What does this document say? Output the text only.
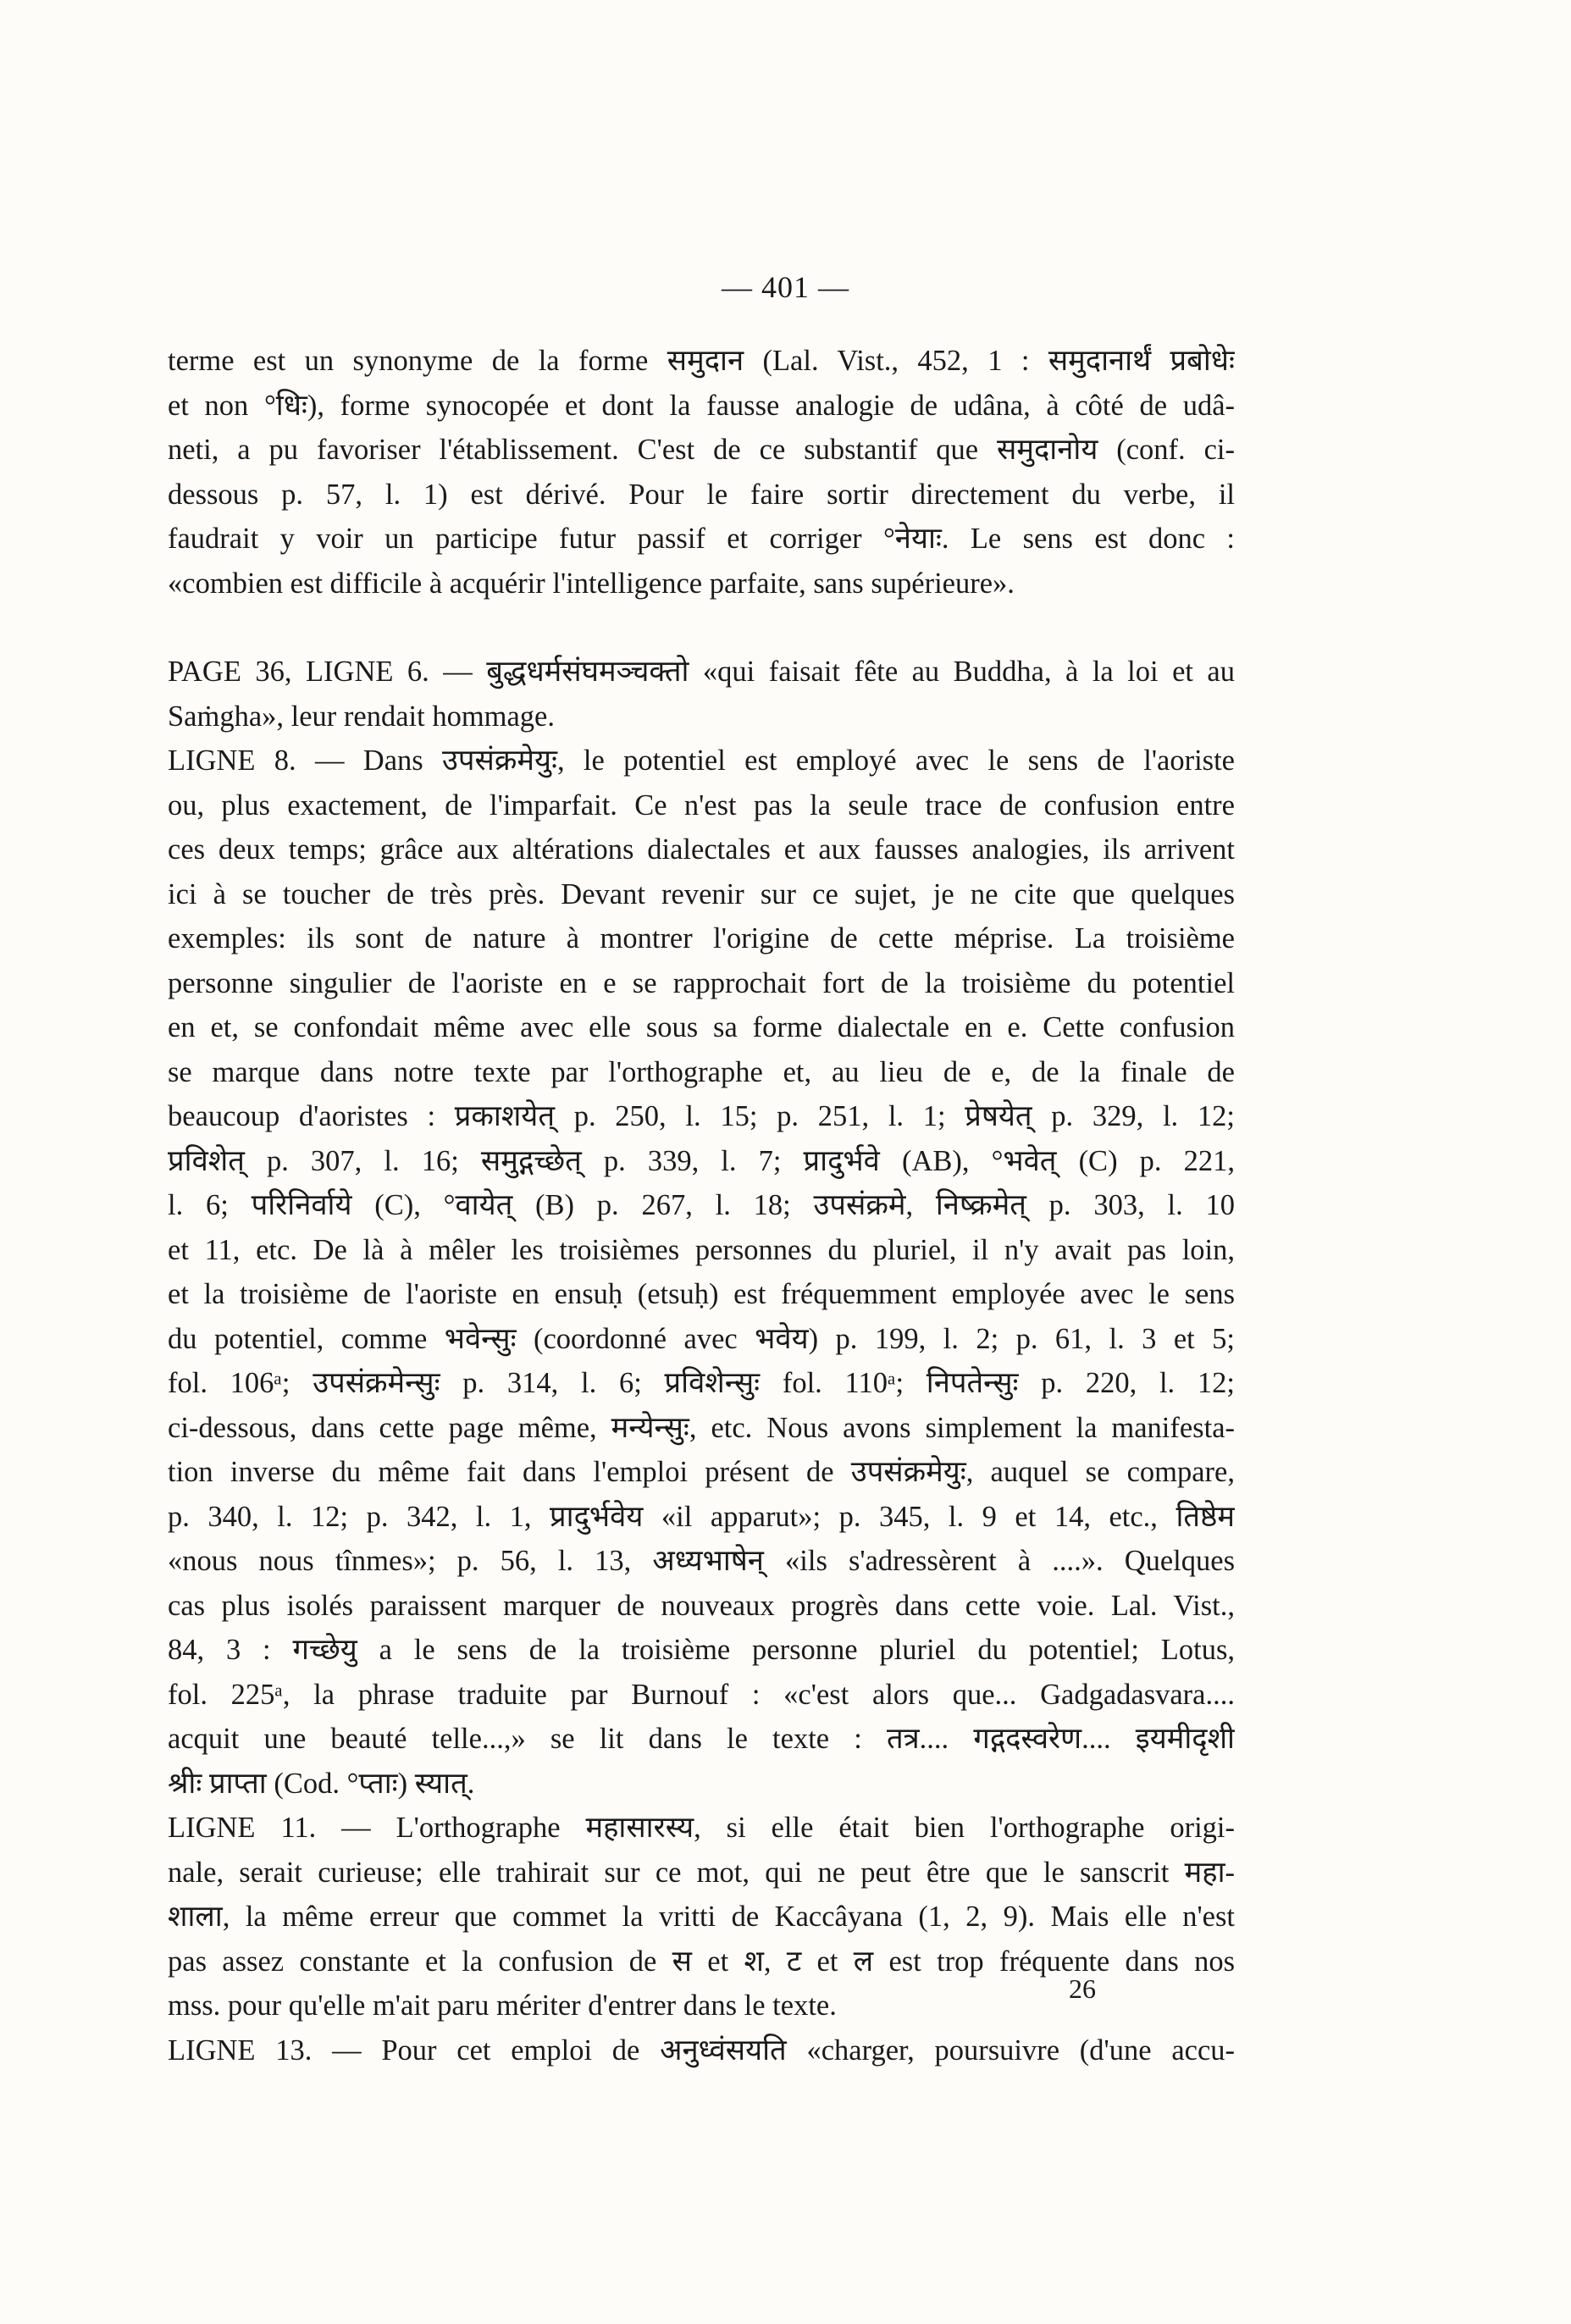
— 401 —
terme est un synonyme de la forme समुदान (Lal. Vist., 452, 1 : समुदानार्थं प्रबोधेः
et non °धिः), forme synocopée et dont la fausse analogie de udâna, à côté de udâ-
neti, a pu favoriser l'établissement. C'est de ce substantif que समुदानोय (conf. ci-
dessous p. 57, l. 1) est dérivé. Pour le faire sortir directement du verbe, il
faudrait y voir un participe futur passif et corriger °नेयाः. Le sens est donc :
«combien est difficile à acquérir l'intelligence parfaite, sans supérieure».
PAGE 36, LIGNE 6. — बुद्धधर्मसंघमञ्चक्तो «qui faisait fête au Buddha, à la loi et au
Saṁgha», leur rendait hommage.
LIGNE 8. — Dans उपसंक्रमेयुः, le potentiel est employé avec le sens de l'aoriste
ou, plus exactement, de l'imparfait. Ce n'est pas la seule trace de confusion entre
ces deux temps; grâce aux altérations dialectales et aux fausses analogies, ils arrivent
ici à se toucher de très près. Devant revenir sur ce sujet, je ne cite que quelques
exemples: ils sont de nature à montrer l'origine de cette méprise. La troisième
personne singulier de l'aoriste en e se rapprochait fort de la troisième du potentiel
en et, se confondait même avec elle sous sa forme dialectale en e. Cette confusion
se marque dans notre texte par l'orthographe et, au lieu de e, de la finale de
beaucoup d'aoristes : प्रकाशयेत् p. 250, l. 15; p. 251, l. 1; प्रेषयेत् p. 329, l. 12;
प्रविशेत् p. 307, l. 16; समुद्गच्छेत् p. 339, l. 7; प्रादुर्भवे (AB), °भवेत् (C) p. 221,
l. 6; परिनिर्वाये (C), °वायेत् (B) p. 267, l. 18; उपसंक्रमे, निष्क्रमेत् p. 303, l. 10
et 11, etc. De là à mêler les troisièmes personnes du pluriel, il n'y avait pas loin,
et la troisième de l'aoriste en ensuḥ (etsuḥ) est fréquemment employée avec le sens
du potentiel, comme भवेन्सुः (coordonné avec भवेय) p. 199, l. 2; p. 61, l. 3 et 5;
fol. 106ᵃ; उपसंक्रमेन्सुः p. 314, l. 6; प्रविशेन्सुः fol. 110ᵃ; निपतेन्सुः p. 220, l. 12;
ci-dessous, dans cette page même, मन्येन्सुः, etc. Nous avons simplement la manifesta-
tion inverse du même fait dans l'emploi présent de उपसंक्रमेयुः, auquel se compare,
p. 340, l. 12; p. 342, l. 1, प्रादुर्भवेय «il apparut»; p. 345, l. 9 et 14, etc., तिष्ठेम
«nous nous tînmes»; p. 56, l. 13, अध्यभाषेन् «ils s'adressèrent à ....». Quelques
cas plus isolés paraissent marquer de nouveaux progrès dans cette voie. Lal. Vist.,
84, 3 : गच्छेयु a le sens de la troisième personne pluriel du potentiel; Lotus,
fol. 225ᵃ, la phrase traduite par Burnouf : «c'est alors que... Gadgadasvara....
acquit une beauté telle...,» se lit dans le texte : तत्र.... गद्गदस्वरेण.... इयमीदृशी
श्रीः प्राप्ता (Cod. °प्ताः) स्यात्.
LIGNE 11. — L'orthographe महासारस्य, si elle était bien l'orthographe origi-
nale, serait curieuse; elle trahirait sur ce mot, qui ne peut être que le sanscrit महा-
शाला, la même erreur que commet la vritti de Kaccâyana (1, 2, 9). Mais elle n'est
pas assez constante et la confusion de स et श, ट et ल est trop fréquente dans nos
mss. pour qu'elle m'ait paru mériter d'entrer dans le texte.
LIGNE 13. — Pour cet emploi de अनुध्वंसयति «charger, poursuivre (d'une accu-
26
